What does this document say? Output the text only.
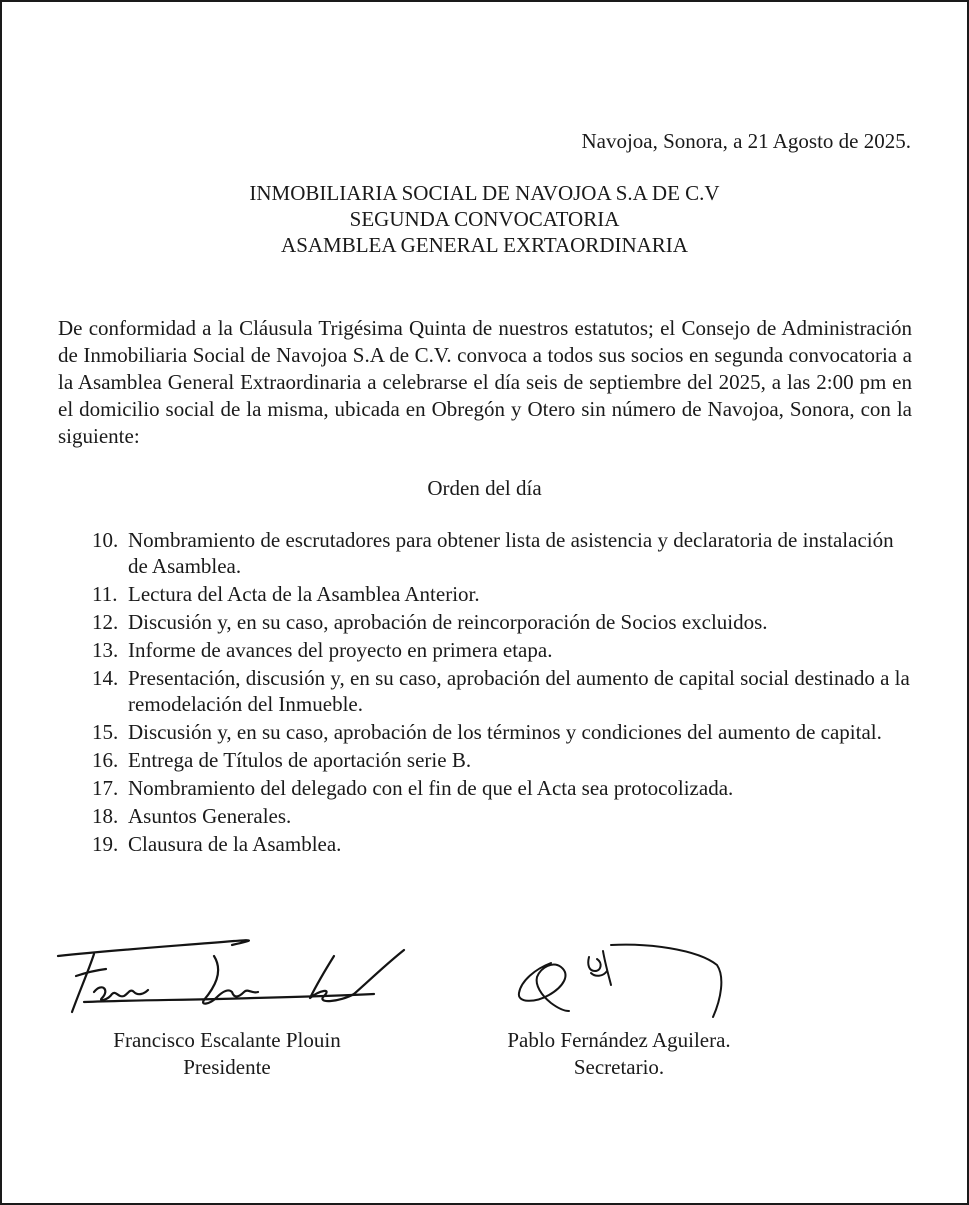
Navojoa, Sonora, a 21 Agosto de 2025.
INMOBILIARIA SOCIAL DE NAVOJOA S.A DE C.V
SEGUNDA CONVOCATORIA
ASAMBLEA GENERAL EXRTAORDINARIA
De conformidad a la Cláusula Trigésima Quinta de nuestros estatutos; el Consejo de Administración de Inmobiliaria Social de Navojoa S.A de C.V. convoca a todos sus socios en segunda convocatoria a la Asamblea General Extraordinaria a celebrarse el día seis de septiembre del 2025, a las 2:00 pm en el domicilio social de la misma, ubicada en Obregón y Otero sin número de Navojoa, Sonora, con la siguiente:
Orden del día
10. Nombramiento de escrutadores para obtener lista de asistencia y declaratoria de instalación de Asamblea.
11. Lectura del Acta de la Asamblea Anterior.
12. Discusión y, en su caso, aprobación de reincorporación de Socios excluidos.
13. Informe de avances del proyecto en primera etapa.
14. Presentación, discusión y, en su caso, aprobación del aumento de capital social destinado a la remodelación del Inmueble.
15. Discusión y, en su caso, aprobación de los términos y condiciones del aumento de capital.
16. Entrega de Títulos de aportación serie B.
17. Nombramiento del delegado con el fin de que el Acta sea protocolizada.
18. Asuntos Generales.
19. Clausura de la Asamblea.
Francisco Escalante Plouin
Presidente
Pablo Fernández Aguilera.
Secretario.
